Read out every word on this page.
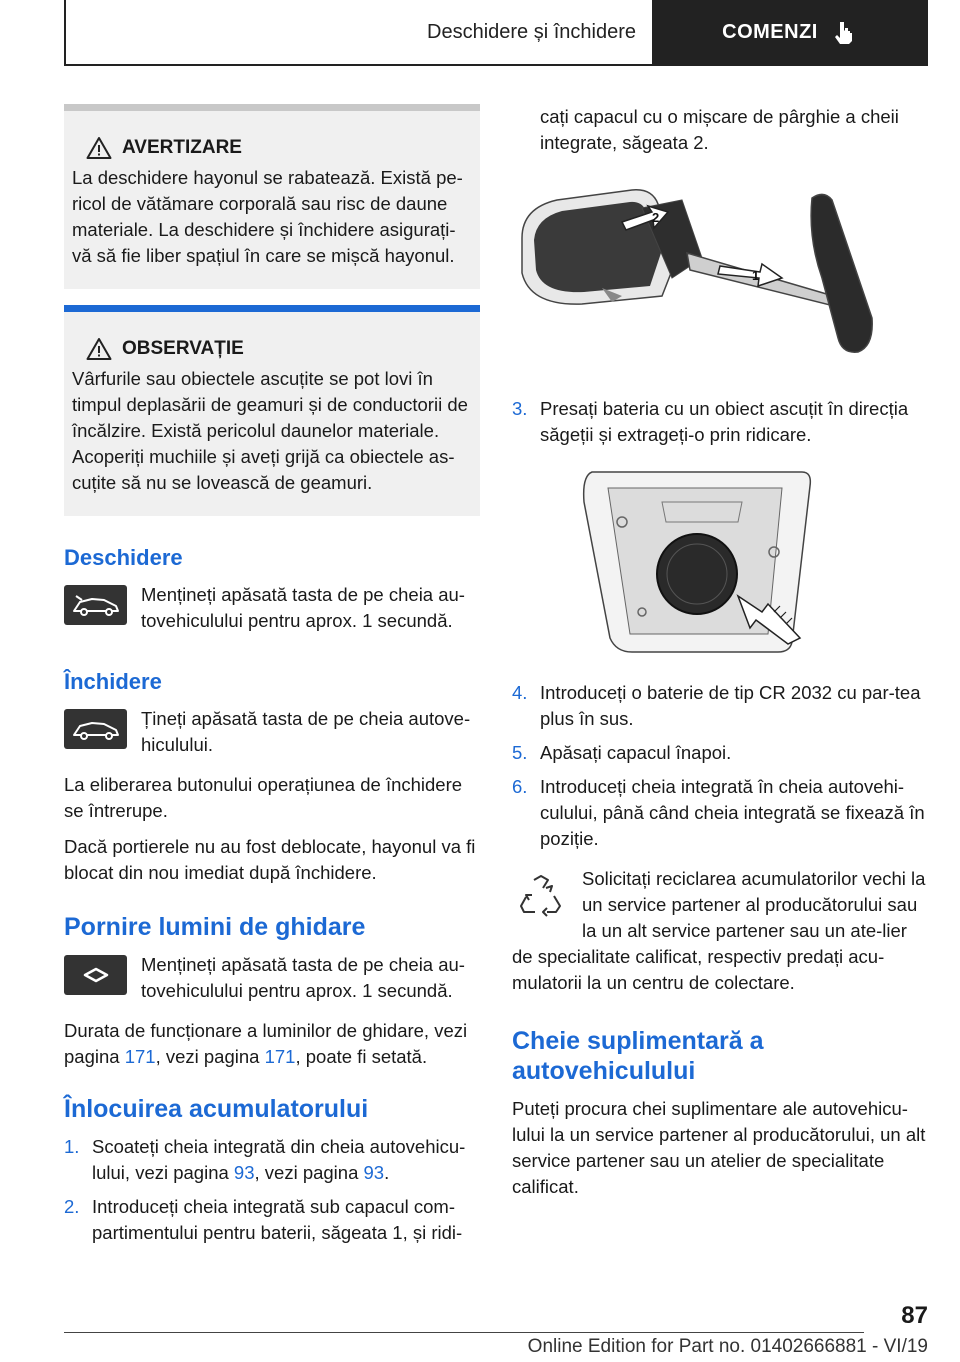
Deschidere și închidere	COMENZI
AVERTIZARE
La deschidere hayonul se rabatează. Există pe-ricol de vătămare corporală sau risc de daune materiale. La deschidere și închidere asigurați-vă să fie liber spațiul în care se mișcă hayonul.
OBSERVAȚIE
Vârfurile sau obiectele ascuțite se pot lovi în timpul deplasării de geamuri și de conductorii de încălzire. Există pericolul daunelor materiale. Acoperiți muchiile și aveți grijă ca obiectele as-cuțite să nu se lovească de geamuri.
Deschidere
Mențineți apăsată tasta de pe cheia au-tovehiculului pentru aprox. 1 secundă.
Închidere
Țineți apăsată tasta de pe cheia autove-hiculului.

La eliberarea butonului operațiunea de închidere se întrerupe.

Dacă portierele nu au fost deblocate, hayonul va fi blocat din nou imediat după închidere.

Pornire lumini de ghidare
Mențineți apăsată tasta de pe cheia au-tovehiculului pentru aprox. 1 secundă.

Durata de funcționare a luminilor de ghidare, vezi pagina 171, vezi pagina 171, poate fi setată.

Înlocuirea acumulatorului
1. Scoateți cheia integrată din cheia autovehicu-lului, vezi pagina 93, vezi pagina 93.
2. Introduceți cheia integrată sub capacul com-partimentului pentru baterii, săgeata 1, și ridi-
cați capacul cu o mișcare de pârghie a cheii integrate, săgeata 2.
2
1
3. Presați bateria cu un obiect ascuțit în direcția săgeții și extrageți-o prin ridicare.
4. Introduceți o baterie de tip CR 2032 cu par-tea plus în sus.
5. Apăsați capacul înapoi.
6. Introduceți cheia integrată în cheia autovehi-culului, până când cheia integrată se fixează în poziție.
Solicitați reciclarea acumulatorilor vechi la un service partener al producătorului sau la un alt service partener sau un ate-lier de specialitate calificat, respectiv predați acu-mulatorii la un centru de colectare.
Cheie suplimentară a autovehiculului

Puteți procura chei suplimentare ale autovehicu-lului la un service partener al producătorului, un alt service partener sau un atelier de specialitate calificat.

87
Online Edition for Part no. 01402666881 - VI/19
